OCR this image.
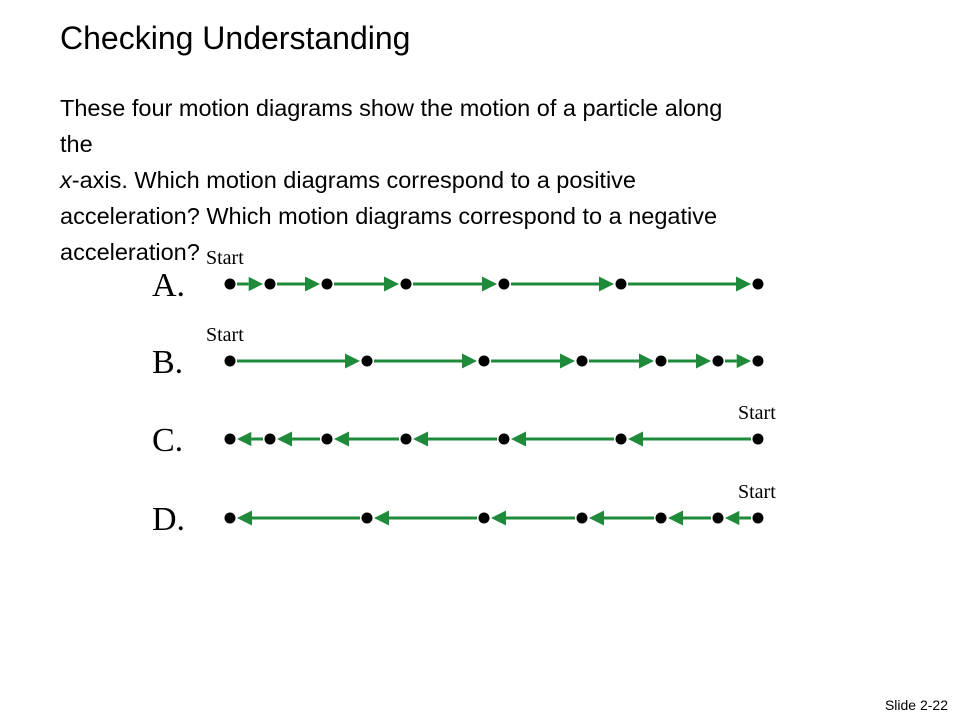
Checking Understanding

These four motion diagrams show the motion of a particle along
the
x-axis. Which motion diagrams correspond to a positive
acceleration? Which motion diagrams correspond to a negative
acceleration?

A.
Start
B.
Start
C.
Start
D.
Start
Slide 2-22
